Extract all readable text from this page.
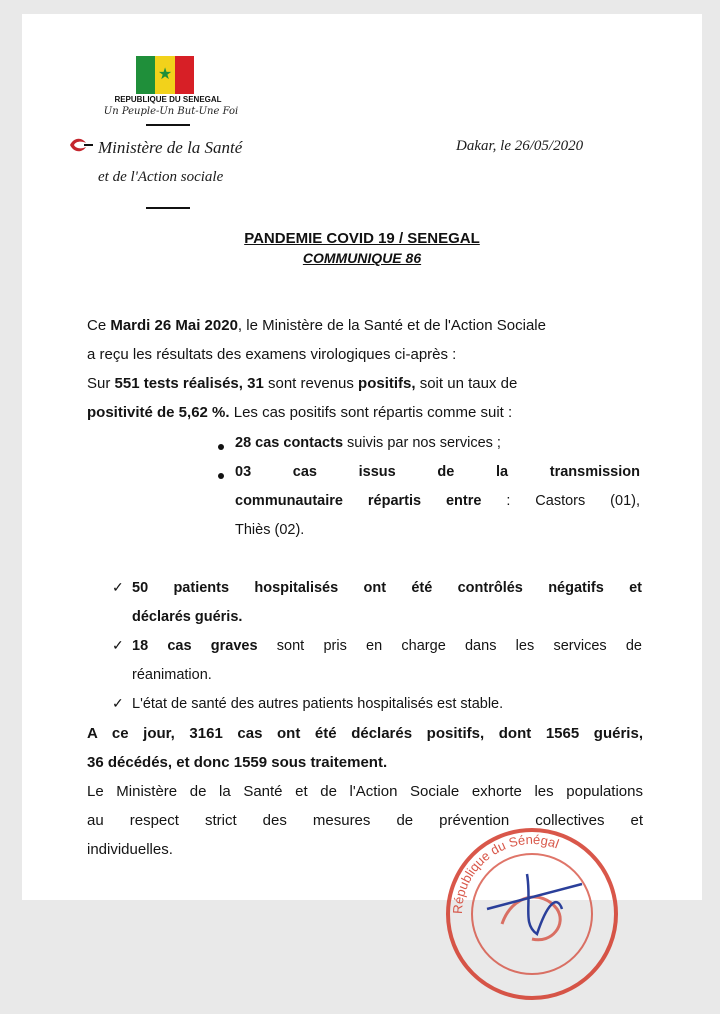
★
REPUBLIQUE DU SENEGAL
Un Peuple-Un But-Une Foi
Ministère de la Santé
et de l'Action sociale
Dakar, le 26/05/2020
PANDEMIE COVID 19 / SENEGAL
COMMUNIQUE 86
Ce Mardi 26 Mai 2020, le Ministère de la Santé et de l'Action Sociale
a reçu les résultats des examens virologiques ci-après :
Sur 551 tests réalisés, 31 sont revenus positifs, soit un taux de
positivité de 5,62 %. Les cas positifs sont répartis comme suit :
28 cas contacts suivis par nos services ;
03 cas issus de la transmission
communautaire répartis entre : Castors (01),
Thiès (02).
✓ 50 patients hospitalisés ont été contrôlés négatifs et
déclarés guéris.
✓ 18 cas graves sont pris en charge dans les services de
réanimation.
✓ L'état de santé des autres patients hospitalisés est stable.
A ce jour, 3161 cas ont été déclarés positifs, dont 1565 guéris,
36 décédés, et donc 1559 sous traitement.
Le Ministère de la Santé et de l'Action Sociale exhorte les populations
au respect strict des mesures de prévention collectives et
individuelles.
République du Sénégal
